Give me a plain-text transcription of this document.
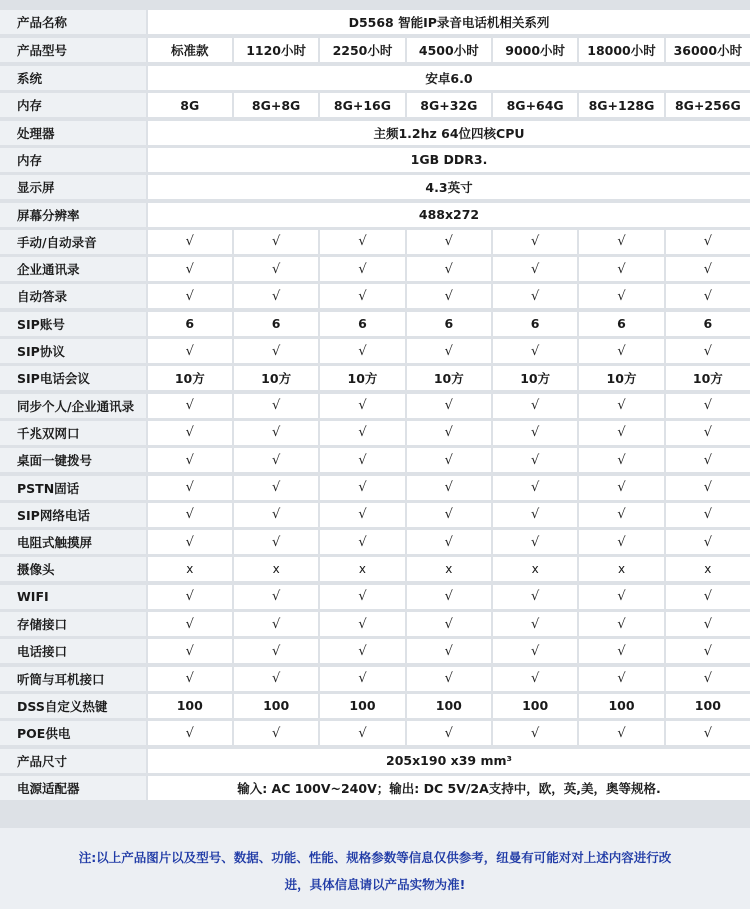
产品名称	D5568 智能IP录音电话机相关系列
产品型号	标准款	1120小时	2250小时	4500小时	9000小时	18000小时	36000小时
系统	安卓6.0
内存	8G	8G+8G	8G+16G	8G+32G	8G+64G	8G+128G	8G+256G
处理器	主频1.2hz 64位四核CPU
内存	1GB DDR3.
显示屏	4.3英寸
屏幕分辨率	488x272
手动/自动录音	√	√	√	√	√	√	√
企业通讯录	√	√	√	√	√	√	√
自动答录	√	√	√	√	√	√	√
SIP账号	6	6	6	6	6	6	6
SIP协议	√	√	√	√	√	√	√
SIP电话会议	10方	10方	10方	10方	10方	10方	10方
同步个人/企业通讯录	√	√	√	√	√	√	√
千兆双网口	√	√	√	√	√	√	√
桌面一键拨号	√	√	√	√	√	√	√
PSTN固话	√	√	√	√	√	√	√
SIP网络电话	√	√	√	√	√	√	√
电阻式触摸屏	√	√	√	√	√	√	√
摄像头	x	x	x	x	x	x	x
WIFI	√	√	√	√	√	√	√
存储接口	√	√	√	√	√	√	√
电话接口	√	√	√	√	√	√	√
听筒与耳机接口	√	√	√	√	√	√	√
DSS自定义热键	100	100	100	100	100	100	100
POE供电	√	√	√	√	√	√	√
产品尺寸	205x190 x39 mm³
电源适配器	输入: AC 100V~240V；输出: DC 5V/2A支持中，欧，英,美，奥等规格.
注:以上产品图片以及型号、数据、功能、性能、规格参数等信息仅供参考，纽曼有可能对对上述内容进行改
进，具体信息请以产品实物为准!
